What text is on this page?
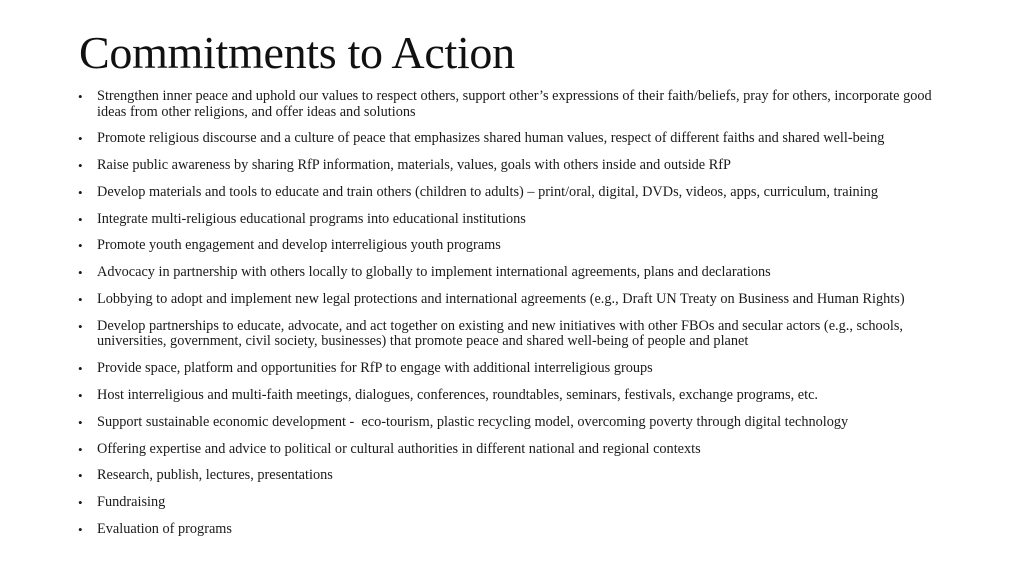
Commitments to Action
•	Strengthen inner peace and uphold our values to respect others, support other’s expressions of their faith/beliefs, pray for others, incorporate good ideas from other religions, and offer ideas and solutions
•	Promote religious discourse and a culture of peace that emphasizes shared human values, respect of different faiths and shared well-being
•	Raise public awareness by sharing RfP information, materials, values, goals with others inside and outside RfP
•	Develop materials and tools to educate and train others (children to adults) – print/oral, digital, DVDs, videos, apps, curriculum, training
•	Integrate multi-religious educational programs into educational institutions
•	Promote youth engagement and develop interreligious youth programs
•	Advocacy in partnership with others locally to globally to implement international agreements, plans and declarations
•	Lobbying to adopt and implement new legal protections and international agreements (e.g., Draft UN Treaty on Business and Human Rights)
•	Develop partnerships to educate, advocate, and act together on existing and new initiatives with other FBOs and secular actors (e.g., schools, universities, government, civil society, businesses) that promote peace and shared well-being of people and planet
•	Provide space, platform and opportunities for RfP to engage with additional interreligious groups
•	Host interreligious and multi-faith meetings, dialogues, conferences, roundtables, seminars, festivals, exchange programs, etc.
•	Support sustainable economic development -  eco-tourism, plastic recycling model, overcoming poverty through digital technology
•	Offering expertise and advice to political or cultural authorities in different national and regional contexts
•	Research, publish, lectures, presentations
•	Fundraising
•	Evaluation of programs
